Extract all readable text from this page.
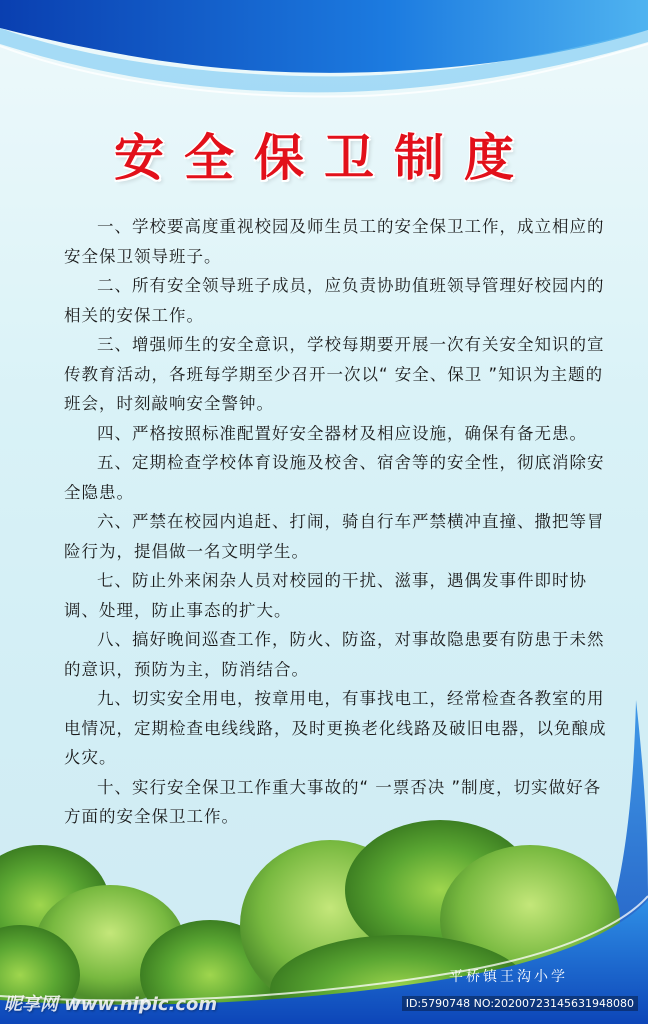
安全保卫制度

一、学校要高度重视校园及师生员工的安全保卫工作，成立相应的安全保卫领导班子。

二、所有安全领导班子成员，应负责协助值班领导管理好校园内的相关的安保工作。

三、增强师生的安全意识，学校每期要开展一次有关安全知识的宣传教育活动，各班每学期至少召开一次以“ 安全、保卫 ”知识为主题的班会，时刻敲响安全警钟。

四、严格按照标准配置好安全器材及相应设施，确保有备无患。

五、定期检查学校体育设施及校舍、宿舍等的安全性，彻底消除安全隐患。

六、严禁在校园内追赶、打闹，骑自行车严禁横冲直撞、撒把等冒险行为，提倡做一名文明学生。

七、防止外来闲杂人员对校园的干扰、滋事，遇偶发事件即时协调、处理，防止事态的扩大。

八、搞好晚间巡查工作，防火、防盗，对事故隐患要有防患于未然的意识，预防为主，防消结合。

九、切实安全用电，按章用电，有事找电工，经常检查各教室的用电情况，定期检查电线线路，及时更换老化线路及破旧电器，以免酿成火灾。

十、实行安全保卫工作重大事故的“ 一票否决 ”制度，切实做好各方面的安全保卫工作。

平桥镇王沟小学
昵享网 www.nipic.com	ID:5790748 NO:20200723145631948080
